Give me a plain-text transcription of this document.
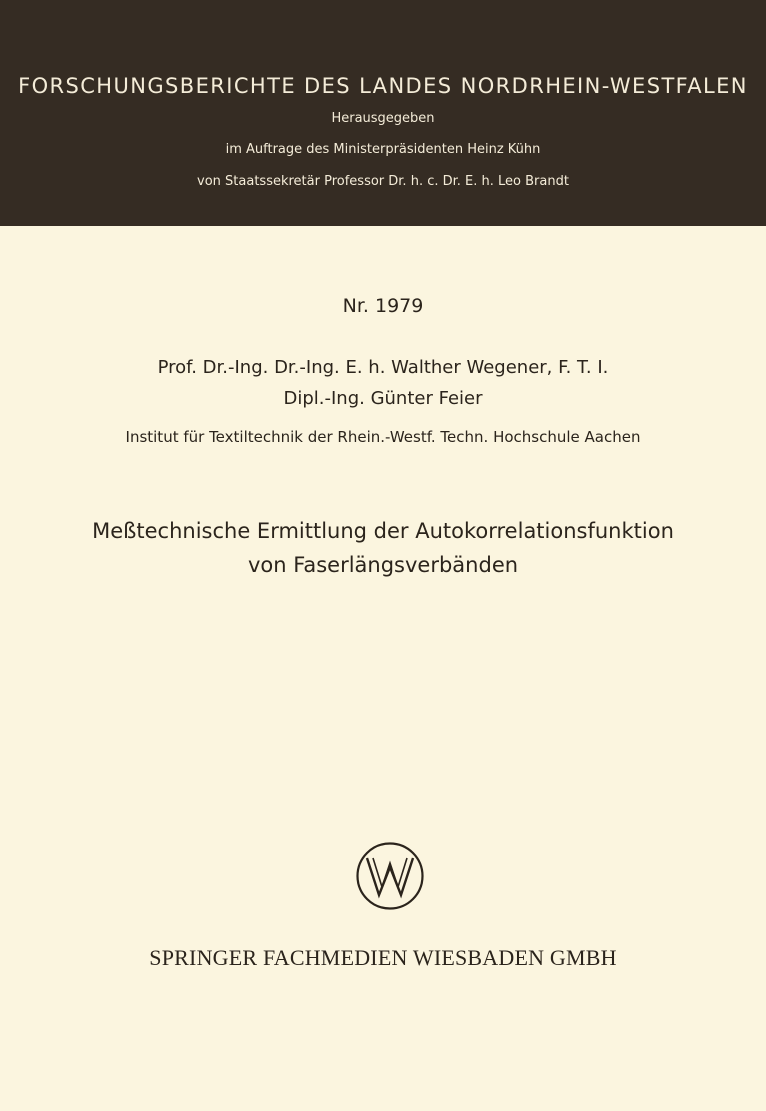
FORSCHUNGSBERICHTE DES LANDES NORDRHEIN-WESTFALEN
Herausgegeben
im Auftrage des Ministerpräsidenten Heinz Kühn
von Staatssekretär Professor Dr. h. c. Dr. E. h. Leo Brandt
Nr. 1979
Prof. Dr.-Ing. Dr.-Ing. E. h. Walther Wegener, F. T. I.
Dipl.-Ing. Günter Feier
Institut für Textiltechnik der Rhein.-Westf. Techn. Hochschule Aachen
Meßtechnische Ermittlung der Autokorrelationsfunktion
von Faserlängsverbänden
SPRINGER FACHMEDIEN WIESBADEN GMBH
